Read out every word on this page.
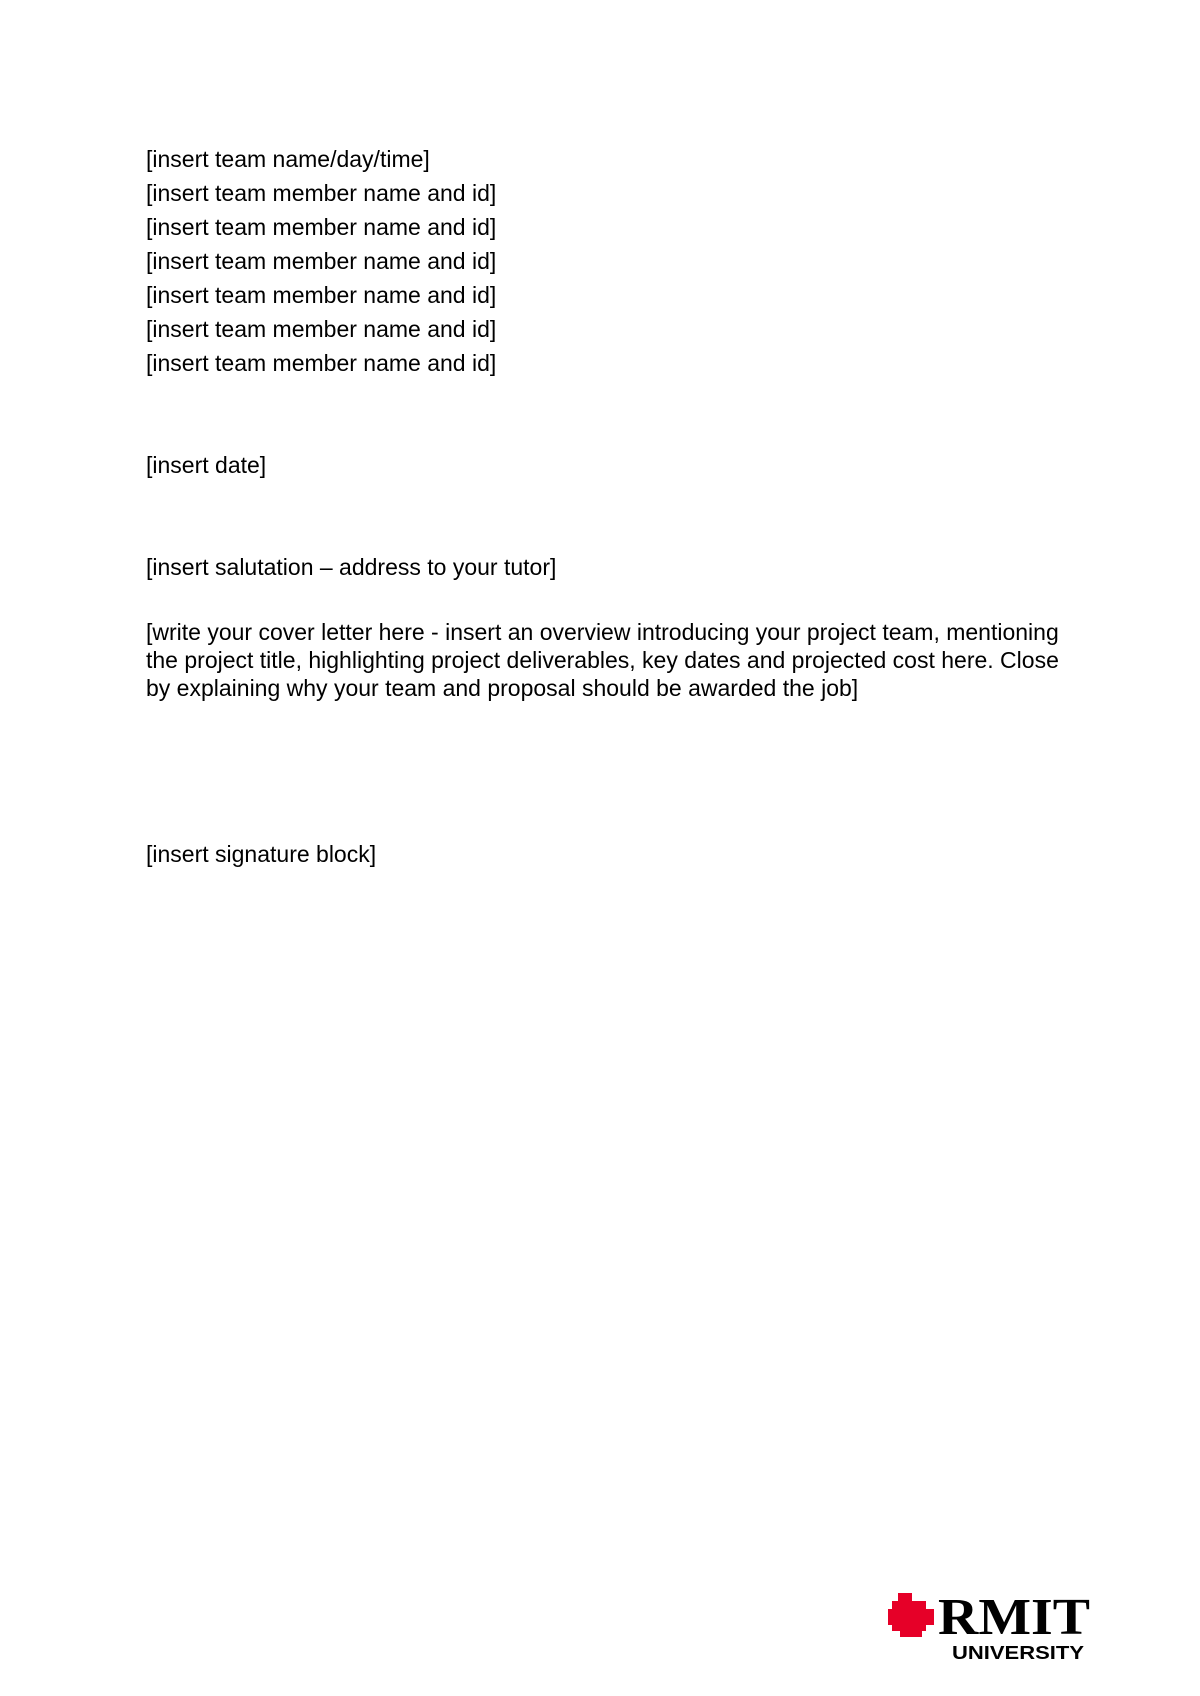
[insert team name/day/time]
[insert team member name and id]
[insert team member name and id]
[insert team member name and id]
[insert team member name and id]
[insert team member name and id]
[insert team member name and id]
[insert date]
[insert salutation – address to your tutor]
[write your cover letter here - insert an overview introducing your project team, mentioning the project title, highlighting project deliverables, key dates and projected cost here. Close by explaining why your team and proposal should be awarded the job]
[insert signature block]
RMIT
UNIVERSITY
